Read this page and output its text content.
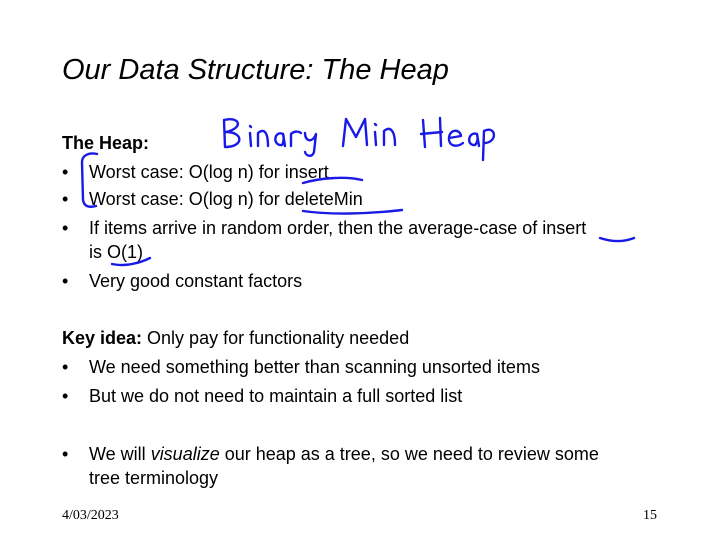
Our Data Structure: The Heap
The Heap:
• Worst case: O(log n) for insert
• Worst case: O(log n) for deleteMin
• If items arrive in random order, then the average-case of insert
is O(1)
• Very good constant factors
Key idea: Only pay for functionality needed
• We need something better than scanning unsorted items
• But we do not need to maintain a full sorted list
• We will visualize our heap as a tree, so we need to review some
tree terminology
4/03/2023	15
